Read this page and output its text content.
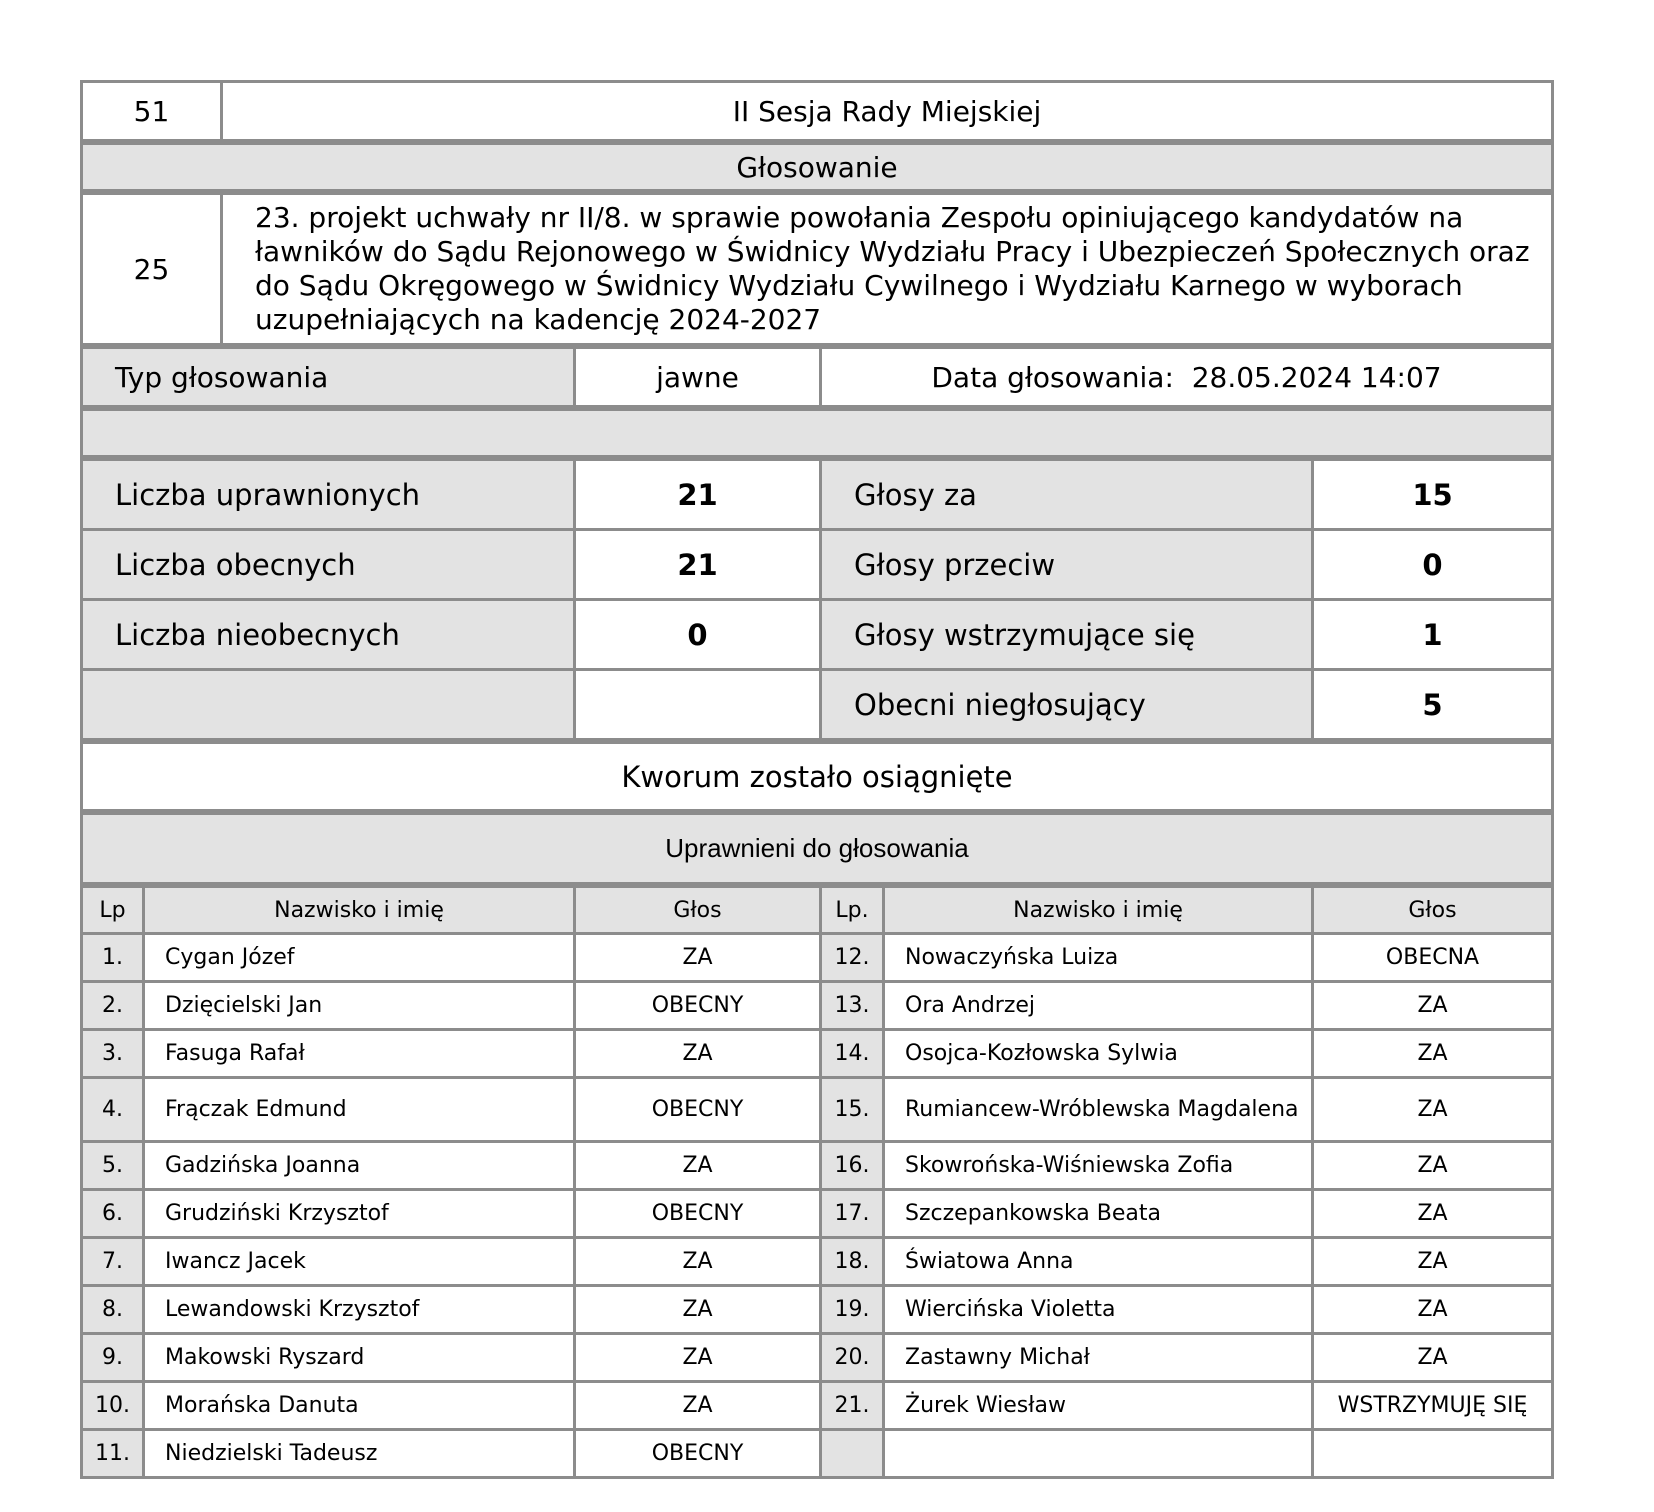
51	II Sesja Rady Miejskiej
Głosowanie
25	23. projekt uchwały nr II/8. w sprawie powołania Zespołu opiniującego kandydatów na ławników do Sądu Rejonowego w Świdnicy Wydziału Pracy i Ubezpieczeń Społecznych oraz do Sądu Okręgowego w Świdnicy Wydziału Cywilnego i Wydziału Karnego w wyborach uzupełniających na kadencję 2024-2027
Typ głosowania	jawne	Data głosowania: 28.05.2024 14:07
Liczba uprawnionych	21	Głosy za	15
Liczba obecnych	21	Głosy przeciw	0
Liczba nieobecnych	0	Głosy wstrzymujące się	1
		Obecni niegłosujący	5
Kworum zostało osiągnięte
Uprawnieni do głosowania
Lp	Nazwisko i imię	Głos	Lp.	Nazwisko i imię	Głos
1.	Cygan Józef	ZA	12.	Nowaczyńska Luiza	OBECNA
2.	Dzięcielski Jan	OBECNY	13.	Ora Andrzej	ZA
3.	Fasuga Rafał	ZA	14.	Osojca-Kozłowska Sylwia	ZA
4.	Frączak Edmund	OBECNY	15.	Rumiancew-Wróblewska Magdalena	ZA
5.	Gadzińska Joanna	ZA	16.	Skowrońska-Wiśniewska Zofia	ZA
6.	Grudziński Krzysztof	OBECNY	17.	Szczepankowska Beata	ZA
7.	Iwancz Jacek	ZA	18.	Światowa Anna	ZA
8.	Lewandowski Krzysztof	ZA	19.	Wiercińska Violetta	ZA
9.	Makowski Ryszard	ZA	20.	Zastawny Michał	ZA
10.	Morańska Danuta	ZA	21.	Żurek Wiesław	WSTRZYMUJĘ SIĘ
11.	Niedzielski Tadeusz	OBECNY			
